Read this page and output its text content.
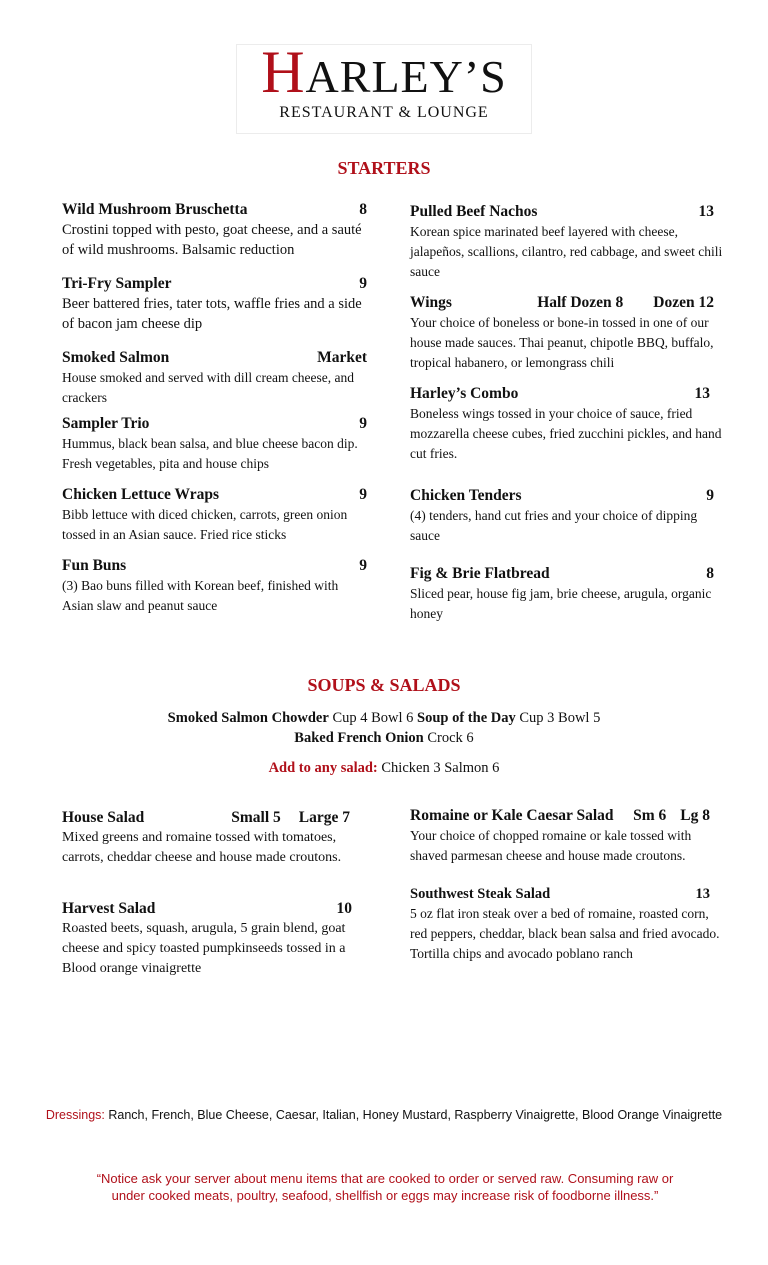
HARLEY’S
RESTAURANT & LOUNGE
STARTERS
Wild Mushroom Bruschetta	8
Crostini topped with pesto, goat cheese, and a sauté of wild mushrooms. Balsamic reduction
Tri-Fry Sampler	9
Beer battered fries, tater tots, waffle fries and a side of bacon jam cheese dip
Smoked Salmon	Market
House smoked and served with dill cream cheese, and crackers
Sampler Trio	9
Hummus, black bean salsa, and blue cheese bacon dip. Fresh vegetables, pita and house chips
Chicken Lettuce Wraps	9
Bibb lettuce with diced chicken, carrots, green onion tossed in an Asian sauce. Fried rice sticks
Fun Buns	9
(3) Bao buns filled with Korean beef, finished with Asian slaw and peanut sauce
Pulled Beef Nachos	13
Korean spice marinated beef layered with cheese, jalapeños, scallions, cilantro, red cabbage, and sweet chili sauce
Wings	Half Dozen 8 Dozen 12
Your choice of boneless or bone-in tossed in one of our house made sauces. Thai peanut, chipotle BBQ, buffalo, tropical habanero, or lemongrass chili
Harley’s Combo	13
Boneless wings tossed in your choice of sauce, fried mozzarella cheese cubes, fried zucchini pickles, and hand cut fries.
Chicken Tenders	9
(4) tenders, hand cut fries and your choice of dipping sauce
Fig & Brie Flatbread	8
Sliced pear, house fig jam, brie cheese, arugula, organic honey
SOUPS & SALADS
Smoked Salmon Chowder Cup 4 Bowl 6 Soup of the Day Cup 3 Bowl 5
Baked French Onion Crock 6
Add to any salad: Chicken 3 Salmon 6
House Salad	Small 5 Large 7
Mixed greens and romaine tossed with tomatoes, carrots, cheddar cheese and house made croutons.
Harvest Salad	10
Roasted beets, squash, arugula, 5 grain blend, goat cheese and spicy toasted pumpkinseeds tossed in a Blood orange vinaigrette
Romaine or Kale Caesar Salad Sm 6 Lg 8
Your choice of chopped romaine or kale tossed with shaved parmesan cheese and house made croutons.
Southwest Steak Salad	13
5 oz flat iron steak over a bed of romaine, roasted corn, red peppers, cheddar, black bean salsa and fried avocado. Tortilla chips and avocado poblano ranch
Dressings: Ranch, French, Blue Cheese, Caesar, Italian, Honey Mustard, Raspberry Vinaigrette, Blood Orange Vinaigrette
“Notice ask your server about menu items that are cooked to order or served raw. Consuming raw or under cooked meats, poultry, seafood, shellfish or eggs may increase risk of foodborne illness.”
